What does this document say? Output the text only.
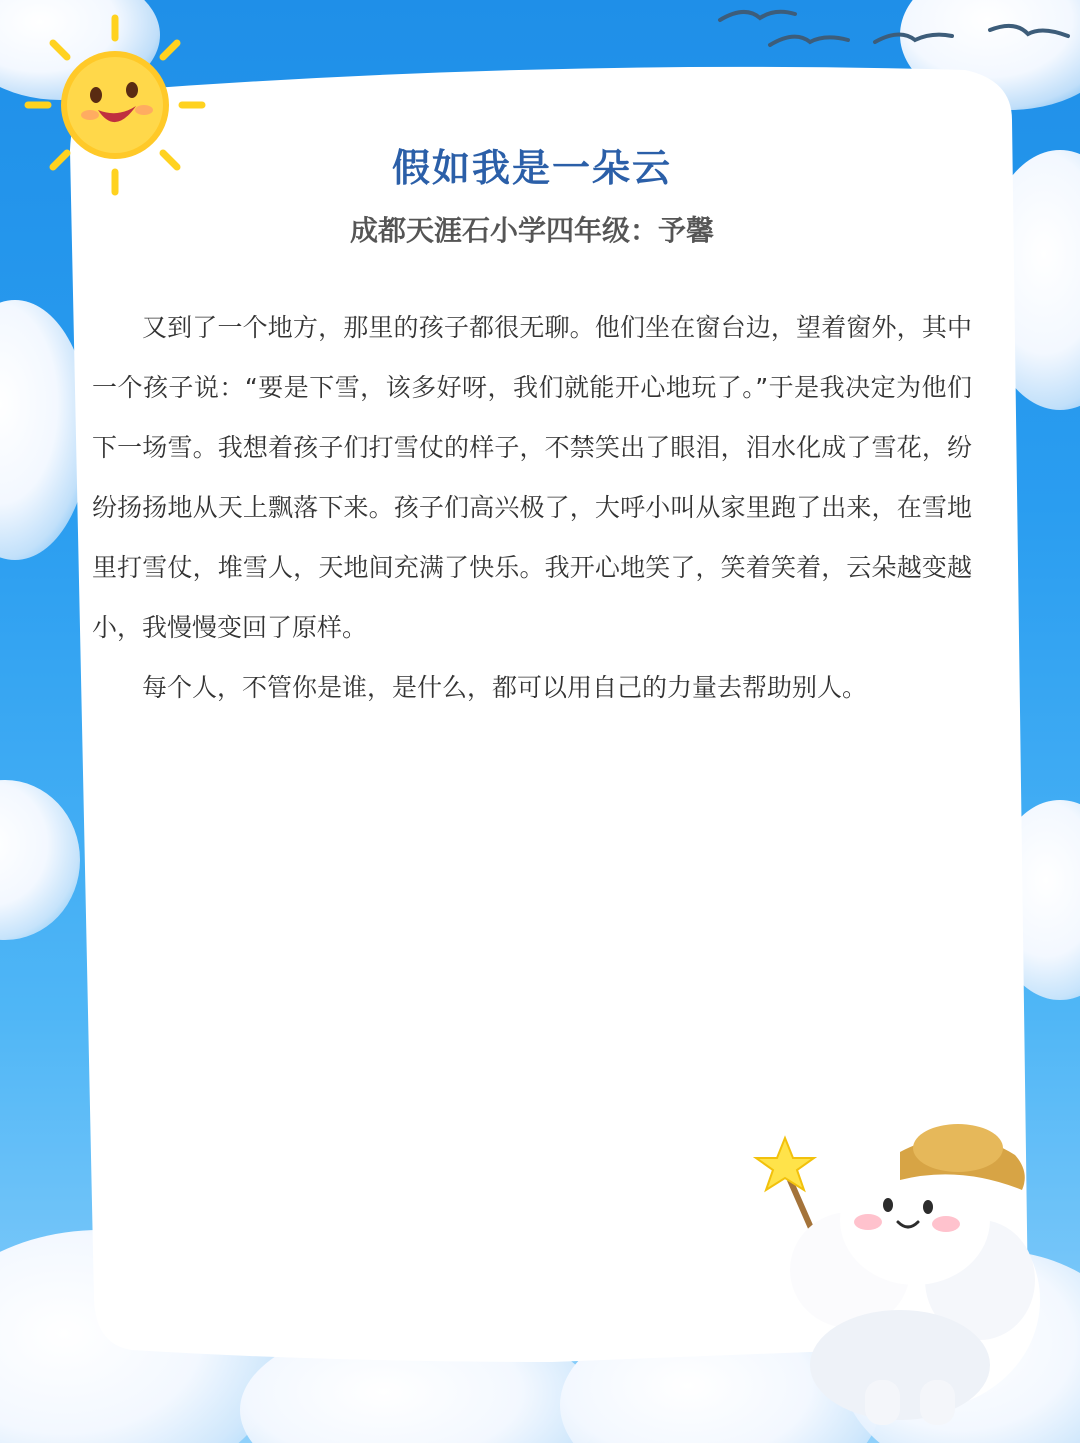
假如我是一朵云
成都天涯石小学四年级：予馨

又到了一个地方，那里的孩子都很无聊。他们坐在窗台边，望着窗外，其中一个孩子说：“要是下雪，该多好呀，我们就能开心地玩了。”于是我决定为他们下一场雪。我想着孩子们打雪仗的样子，不禁笑出了眼泪，泪水化成了雪花，纷纷扬扬地从天上飘落下来。孩子们高兴极了，大呼小叫从家里跑了出来，在雪地里打雪仗，堆雪人，天地间充满了快乐。我开心地笑了，笑着笑着，云朵越变越小，我慢慢变回了原样。

每个人，不管你是谁，是什么，都可以用自己的力量去帮助别人。
